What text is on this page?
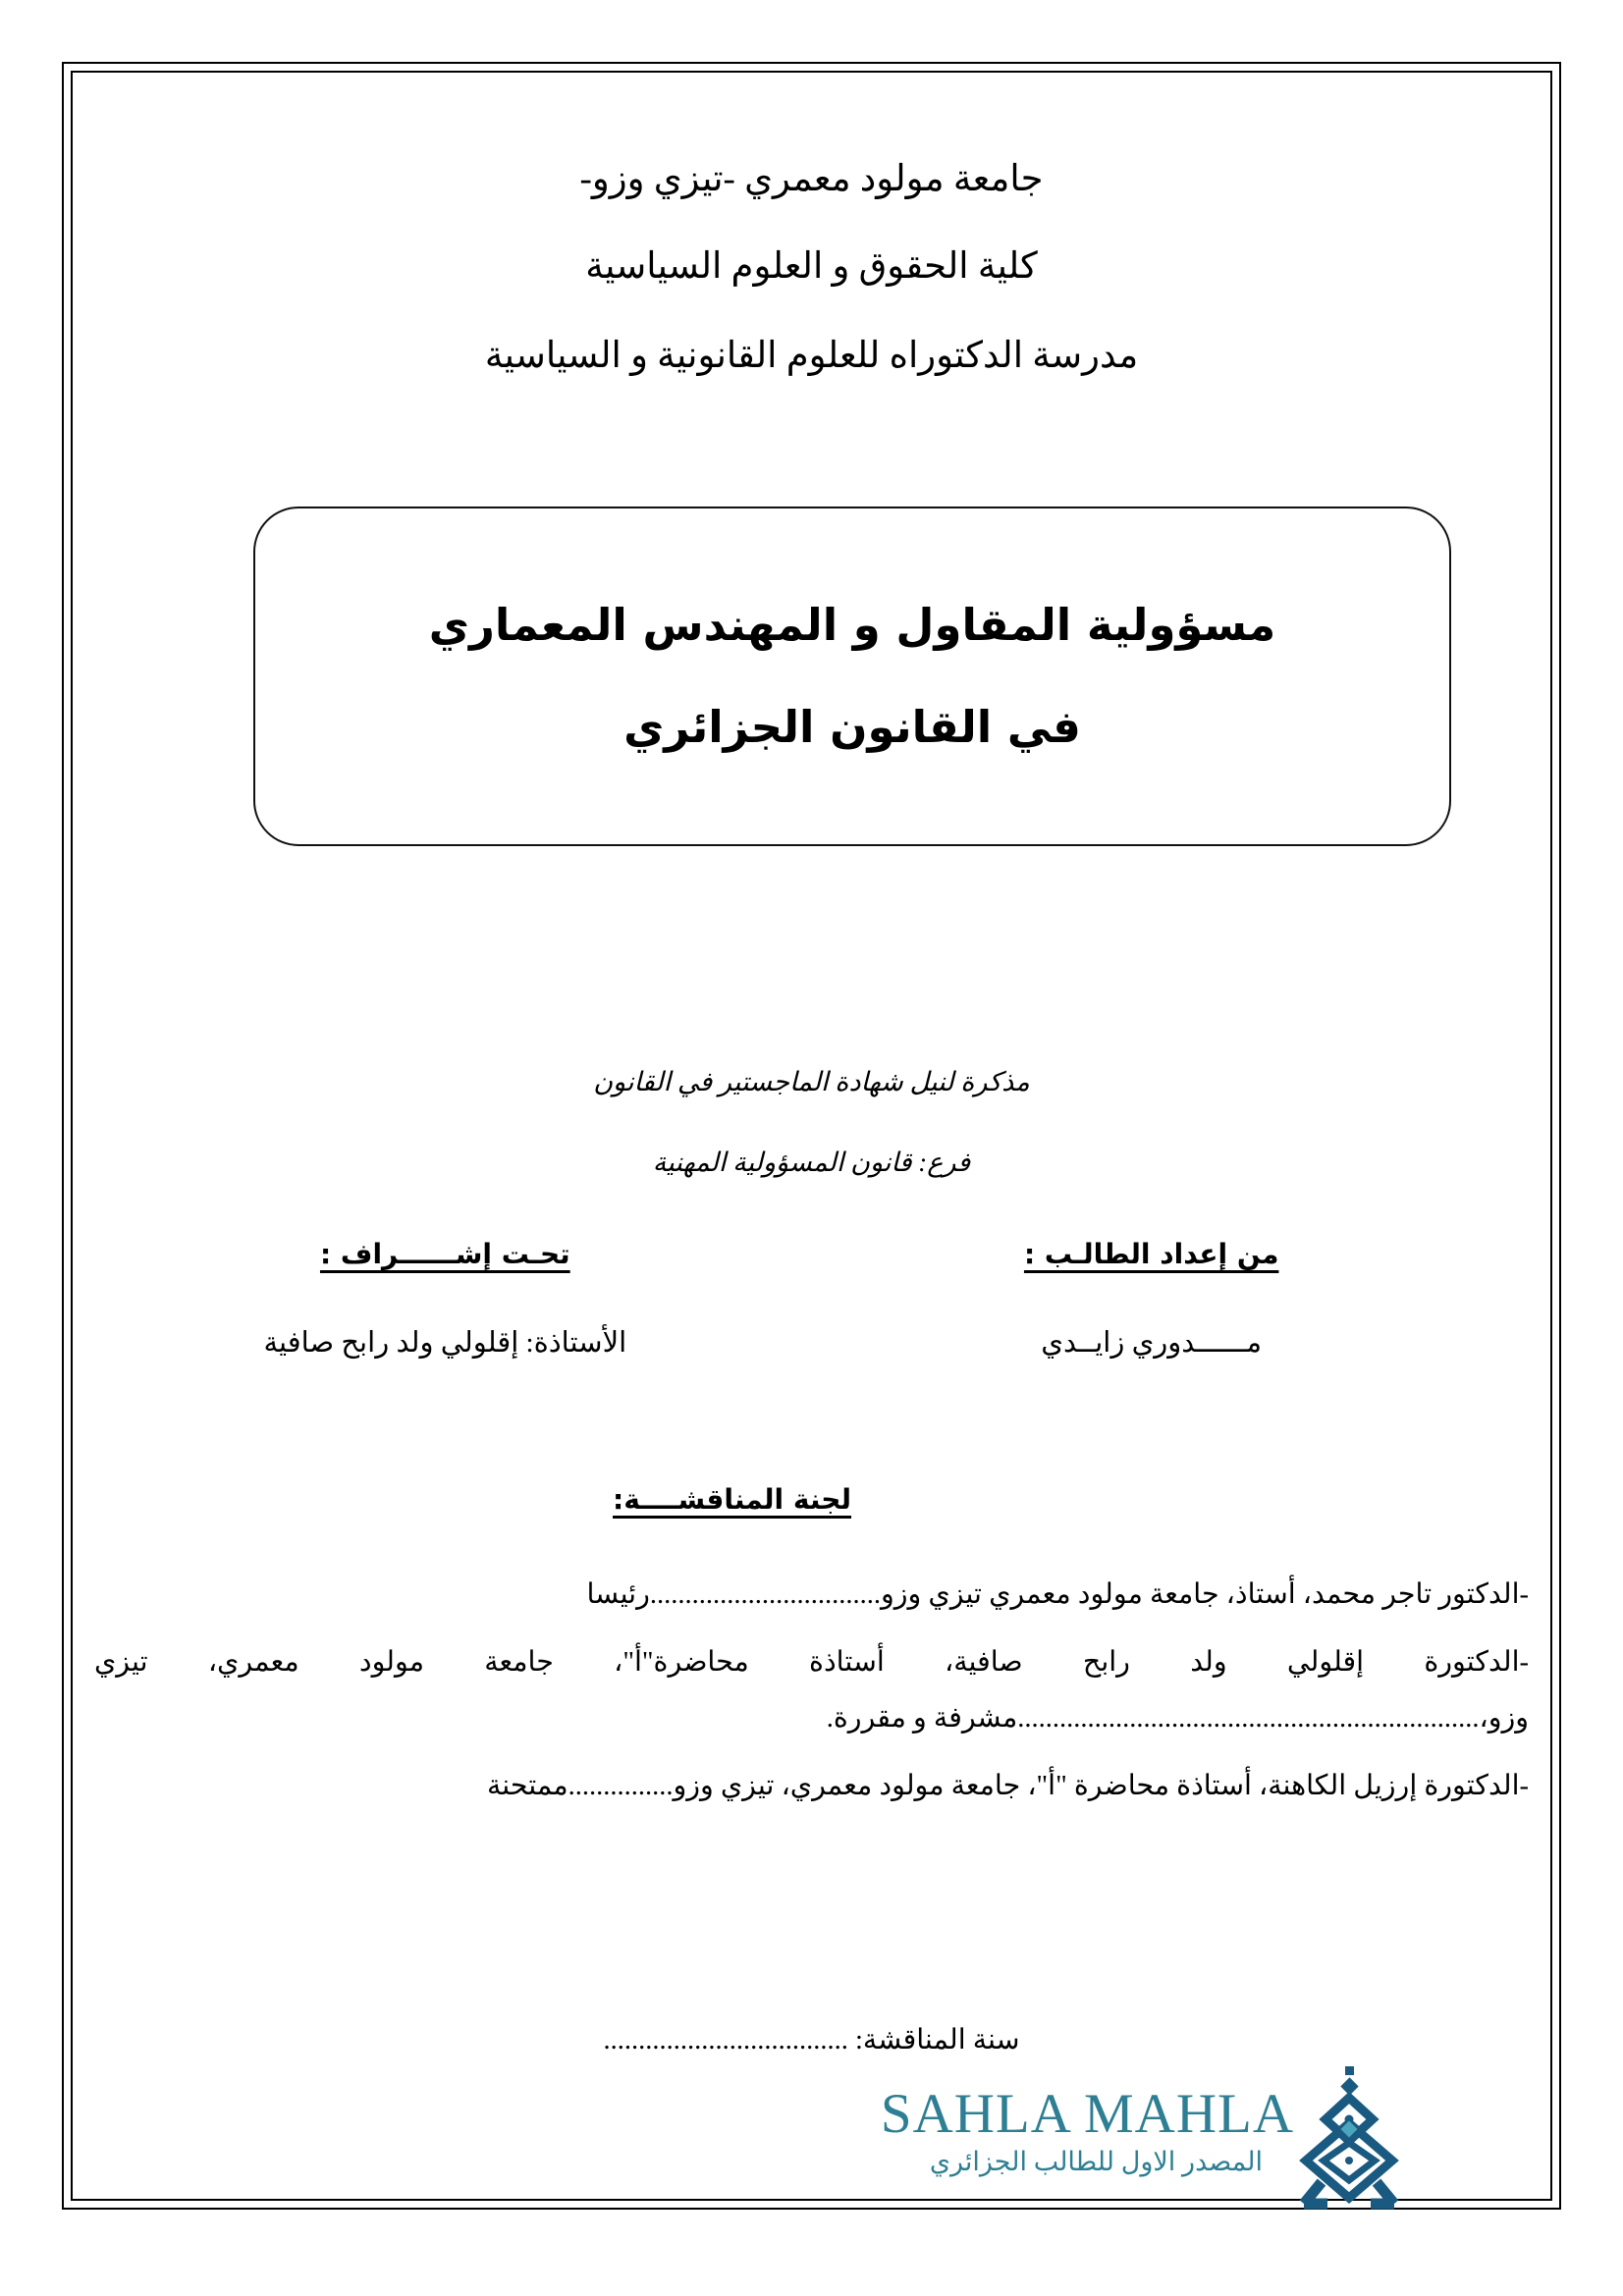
جامعة مولود معمري -تيزي وزو-
كلية الحقوق و العلوم السياسية
مدرسة الدكتوراه للعلوم القانونية و السياسية
مسؤولية المقاول و المهندس المعماري
في القانون الجزائري
مذكرة لنيل شهادة الماجستير في القانون
فرع: قانون المسؤولية المهنية
من إعداد الطالـب :
تحـت إشــــــراف :
مــــــدوري زايــدي
الأستاذة: إقلولي ولد رابح صافية
لجنة المناقشــــة:
-الدكتور تاجر محمد، أستاذ، جامعة مولود معمري تيزي وزو.................................رئيسا
-الدكتورة إقلولي ولد رابح صافية، أستاذة محاضرة"أ"، جامعة مولود معمري، تيزي وزو،..................................................................مشرفة و مقررة.
-الدكتورة إرزيل الكاهنة، أستاذة محاضرة "أ"، جامعة مولود معمري، تيزي وزو...............ممتحنة
سنة المناقشة: ...................................
SAHLA MAHLA
المصدر الاول للطالب الجزائري
